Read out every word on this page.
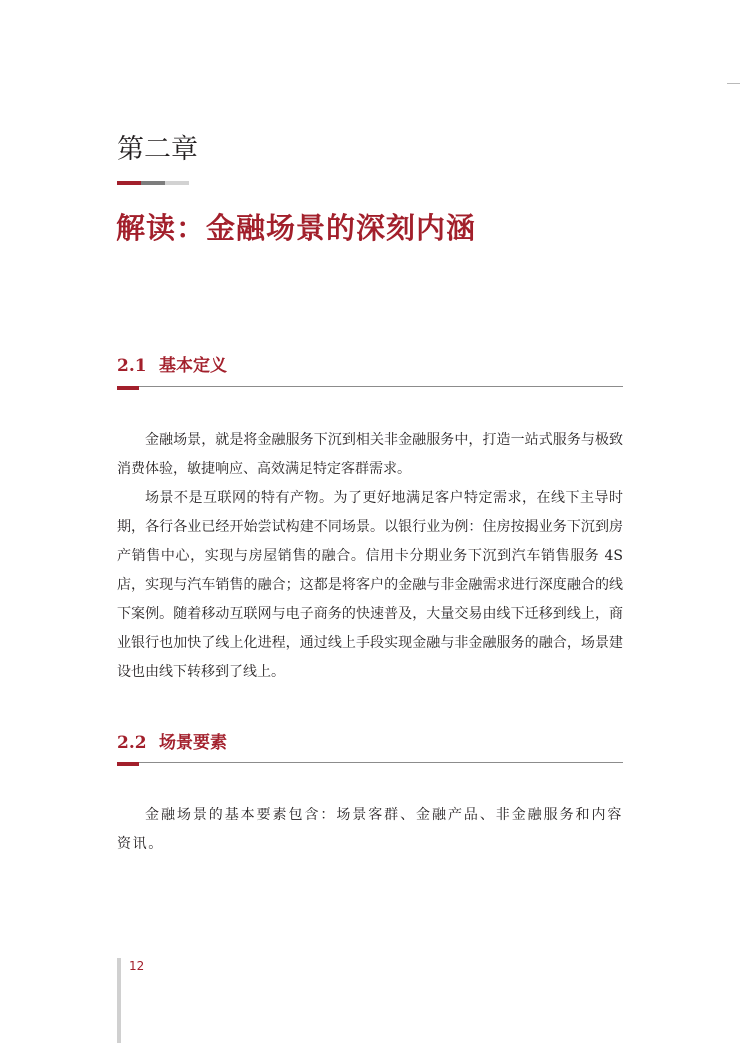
第二章
解读：金融场景的深刻内涵
2.1 基本定义

金融场景，就是将金融服务下沉到相关非金融服务中，打造一站式服务与极致消费体验，敏捷响应、高效满足特定客群需求。

场景不是互联网的特有产物。为了更好地满足客户特定需求，在线下主导时期，各行各业已经开始尝试构建不同场景。以银行业为例：住房按揭业务下沉到房产销售中心，实现与房屋销售的融合。信用卡分期业务下沉到汽车销售服务 4S 店，实现与汽车销售的融合；这都是将客户的金融与非金融需求进行深度融合的线下案例。随着移动互联网与电子商务的快速普及，大量交易由线下迁移到线上，商业银行也加快了线上化进程，通过线上手段实现金融与非金融服务的融合，场景建设也由线下转移到了线上。

2.2 场景要素

金融场景的基本要素包含：场景客群、金融产品、非金融服务和内容资讯。

12
